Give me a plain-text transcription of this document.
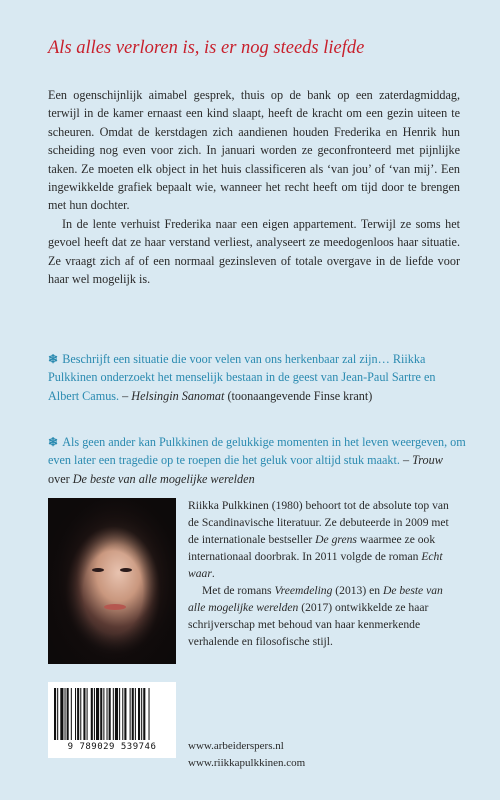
Als alles verloren is, is er nog steeds liefde

Een ogenschijnlijk aimabel gesprek, thuis op de bank op een zaterdagmiddag, terwijl in de kamer ernaast een kind slaapt, heeft de kracht om een gezin uiteen te scheuren. Omdat de kerstdagen zich aandienen houden Frederika en Henrik hun scheiding nog even voor zich. In januari worden ze geconfronteerd met pijnlijke taken. Ze moeten elk object in het huis classificeren als ‘van jou’ of ‘van mij’. Een ingewikkelde grafiek bepaalt wie, wanneer het recht heeft om tijd door te brengen met hun dochter.

In de lente verhuist Frederika naar een eigen appartement. Terwijl ze soms het gevoel heeft dat ze haar verstand verliest, analyseert ze meedogenloos haar situatie. Ze vraagt zich af of een normaal gezinsleven of totale overgave in de liefde voor haar wel mogelijk is.

❄ Beschrijft een situatie die voor velen van ons herkenbaar zal zijn… Riikka Pulkkinen onderzoekt het menselijk bestaan in de geest van Jean-Paul Sartre en Albert Camus. – Helsingin Sanomat (toonaangevende Finse krant)
❄ Als geen ander kan Pulkkinen de gelukkige momenten in het leven weergeven, om even later een tragedie op te roepen die het geluk voor altijd stuk maakt. – Trouw over De beste van alle mogelijke werelden

Riikka Pulkkinen (1980) behoort tot de absolute top van de Scandinavische literatuur. Ze debuteerde in 2009 met de internationale bestseller De grens waarmee ze ook internationaal doorbrak. In 2011 volgde de roman Echt waar.

Met de romans Vreemdeling (2013) en De beste van alle mogelijke werelden (2017) ontwikkelde ze haar schrijverschap met behoud van haar kenmerkende verhalende en filosofische stijl.

9 789029 539746	www.arbeiderspers.nl
www.riikkapulkkinen.com
